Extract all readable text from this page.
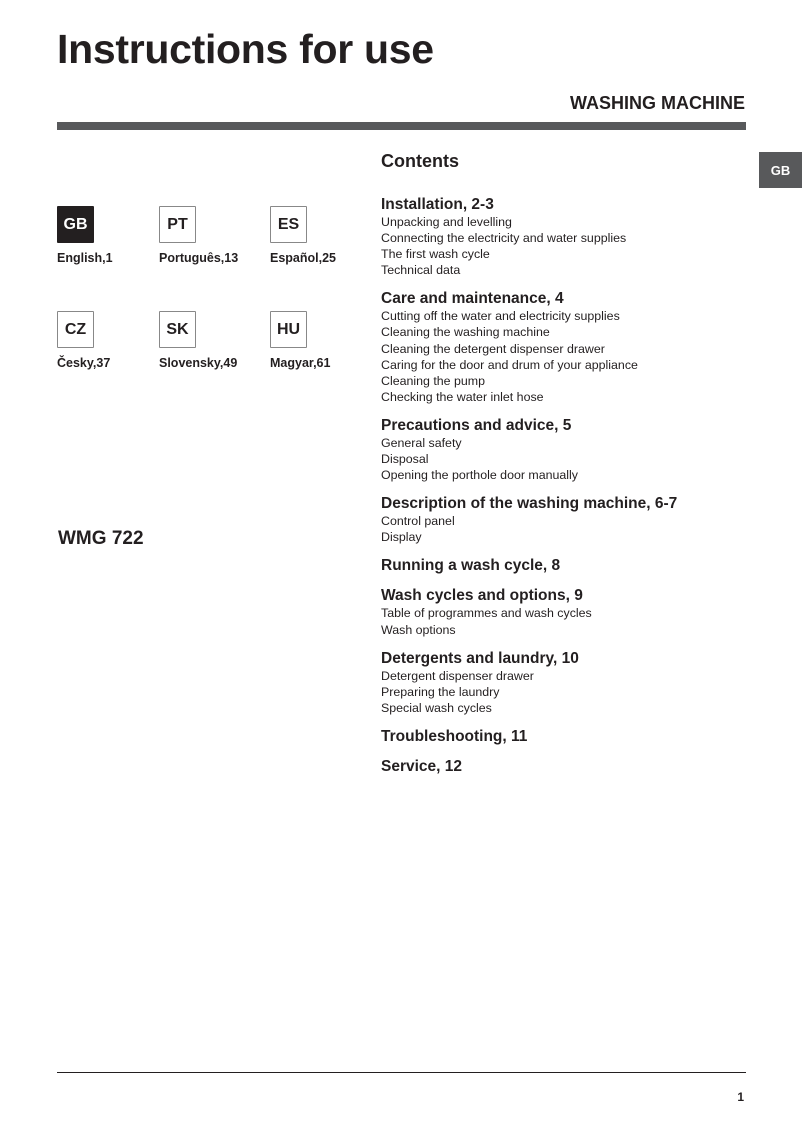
Instructions for use
WASHING MACHINE
GB
GB
English,1
PT
Português,13
ES
Español,25
CZ
Česky,37
SK
Slovensky,49
HU
Magyar,61
WMG 722
Contents
Installation, 2-3
Unpacking and levelling
Connecting the electricity and water supplies
The first wash cycle
Technical data
Care and maintenance, 4
Cutting off the water and electricity supplies
Cleaning the washing machine
Cleaning the detergent dispenser drawer
Caring for the door and drum of your appliance
Cleaning the pump
Checking the water inlet hose
Precautions and advice, 5
General safety
Disposal
Opening the porthole door manually
Description of the washing machine, 6-7
Control panel
Display
Running a wash cycle, 8
Wash cycles and options, 9
Table of programmes and wash cycles
Wash options
Detergents and laundry, 10
Detergent dispenser drawer
Preparing the laundry
Special wash cycles
Troubleshooting, 11
Service, 12
1
